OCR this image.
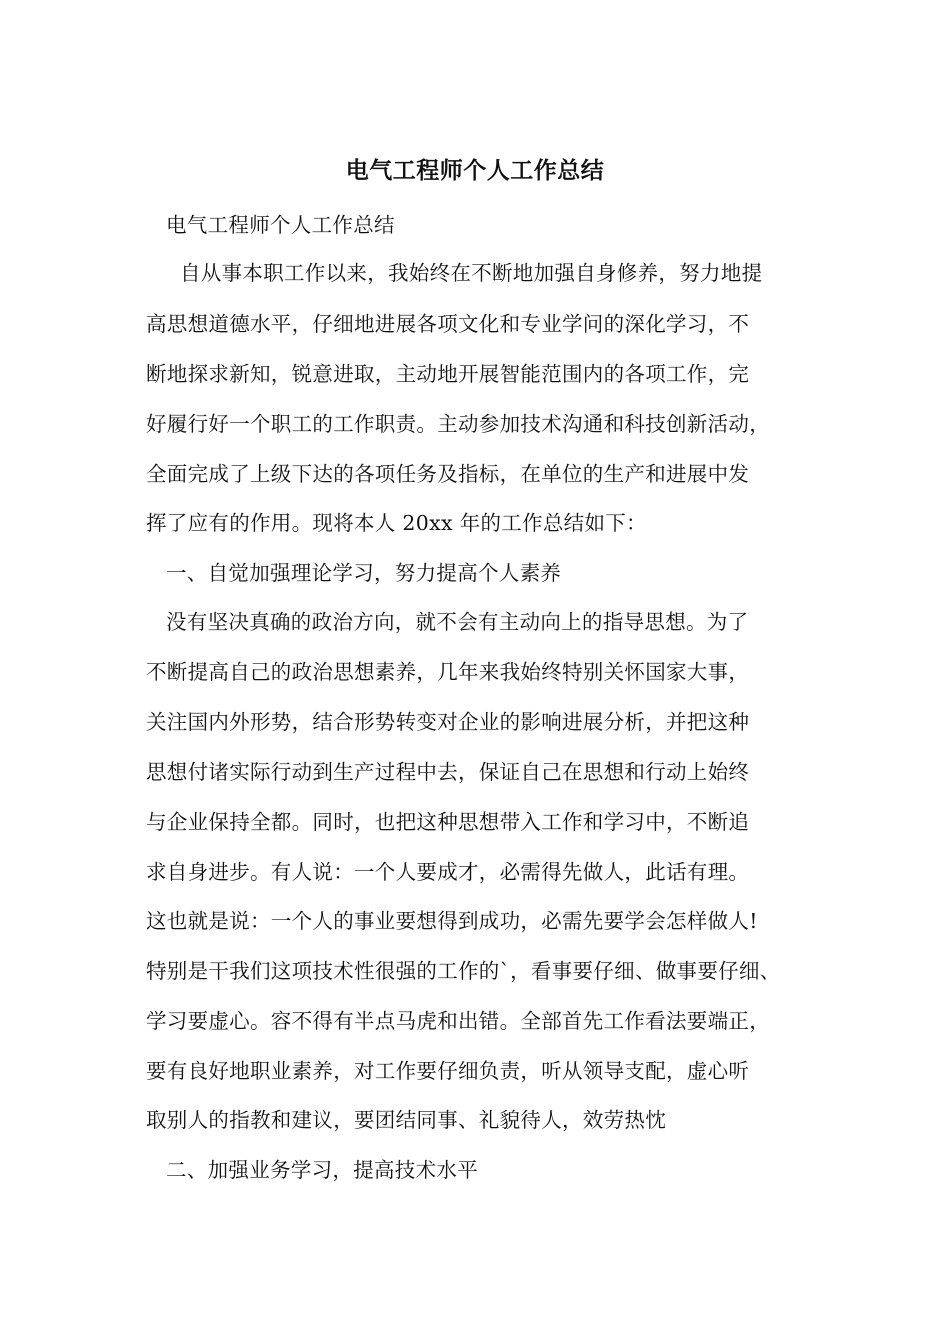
电气工程师个人工作总结
电气工程师个人工作总结
自从事本职工作以来，我始终在不断地加强自身修养，努力地提
高思想道德水平，仔细地进展各项文化和专业学问的深化学习，不
断地探求新知，锐意进取，主动地开展智能范围内的各项工作，完
好履行好一个职工的工作职责。主动参加技术沟通和科技创新活动，
全面完成了上级下达的各项任务及指标，在单位的生产和进展中发
挥了应有的作用。现将本人 20xx 年的工作总结如下：
一、自觉加强理论学习，努力提高个人素养
没有坚决真确的政治方向，就不会有主动向上的指导思想。为了
不断提高自己的政治思想素养，几年来我始终特别关怀国家大事，
关注国内外形势，结合形势转变对企业的影响进展分析，并把这种
思想付诸实际行动到生产过程中去，保证自己在思想和行动上始终
与企业保持全都。同时，也把这种思想带入工作和学习中，不断追
求自身进步。有人说：一个人要成才，必需得先做人，此话有理。
这也就是说：一个人的事业要想得到成功，必需先要学会怎样做人!
特别是干我们这项技术性很强的工作的`，看事要仔细、做事要仔细、
学习要虚心。容不得有半点马虎和出错。全部首先工作看法要端正，
要有良好地职业素养，对工作要仔细负责，听从领导支配，虚心听
取别人的指教和建议，要团结同事、礼貌待人，效劳热忱
二、加强业务学习，提高技术水平
